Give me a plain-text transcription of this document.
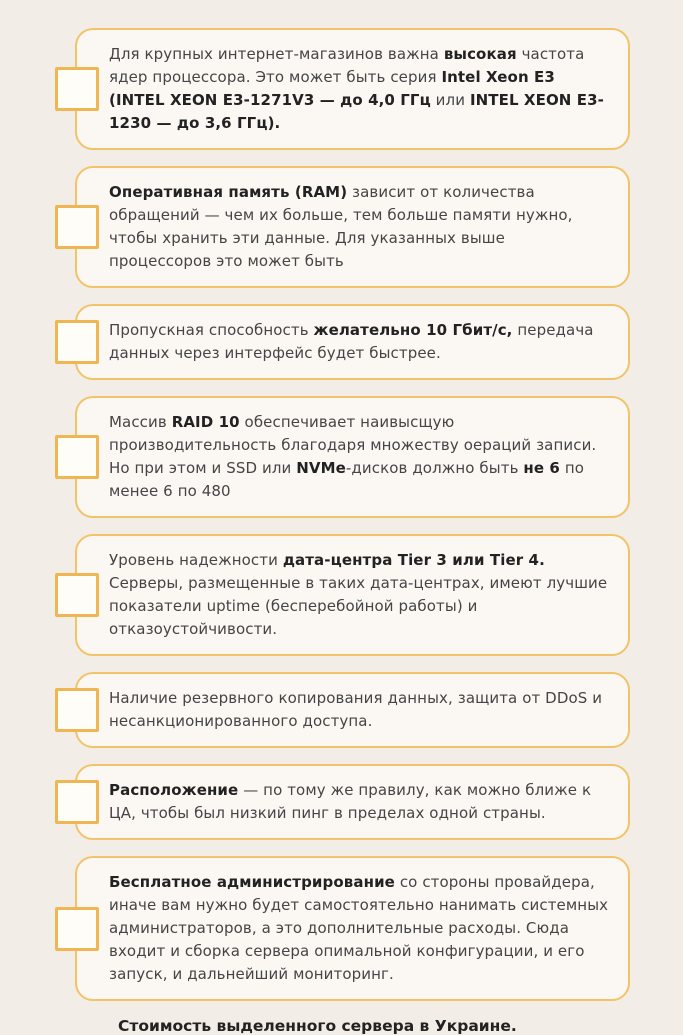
Для крупных интернет-магазинов важна высокая частота ядер процессора. Это может быть серия Intel Xeon E3 (INTEL XEON E3-1271V3 — до 4,0 ГГц или INTEL XEON E3-1230 — до 3,6 ГГц).

Оперативная память (RAM) зависит от количества обращений — чем их больше, тем больше памяти нужно, чтобы хранить эти данные. Для указанных выше процессоров это может быть

Пропускная способность желательно 10 Гбит/с, передача данных через интерфейс будет быстрее.

Массив RAID 10 обеспечивает наивысщую производительность благодаря множеству оераций записи. Но при этом и SSD или NVMe-дисков должно быть не 6 по менее 6 по 480

Уровень надежности дата-центра Tier 3 или Tier 4. Серверы, размещенные в таких дата-центрах, имеют лучшие показатели uptime (бесперебойной работы) и отказоустойчивости.

Наличие резервного копирования данных, защита от DDoS и несанкционированного доступа.

Расположение — по тому же правилу, как можно ближе к ЦА, чтобы был низкий пинг в пределах одной страны.

Бесплатное администрирование со стороны провайдера, иначе вам нужно будет самостоятельно нанимать системных администраторов, а это дополнительные расходы. Сюда входит и сборка сервера опимальной конфигурации, и его запуск, и дальнейший мониторинг.

Стоимость выделенного сервера в Украине.
